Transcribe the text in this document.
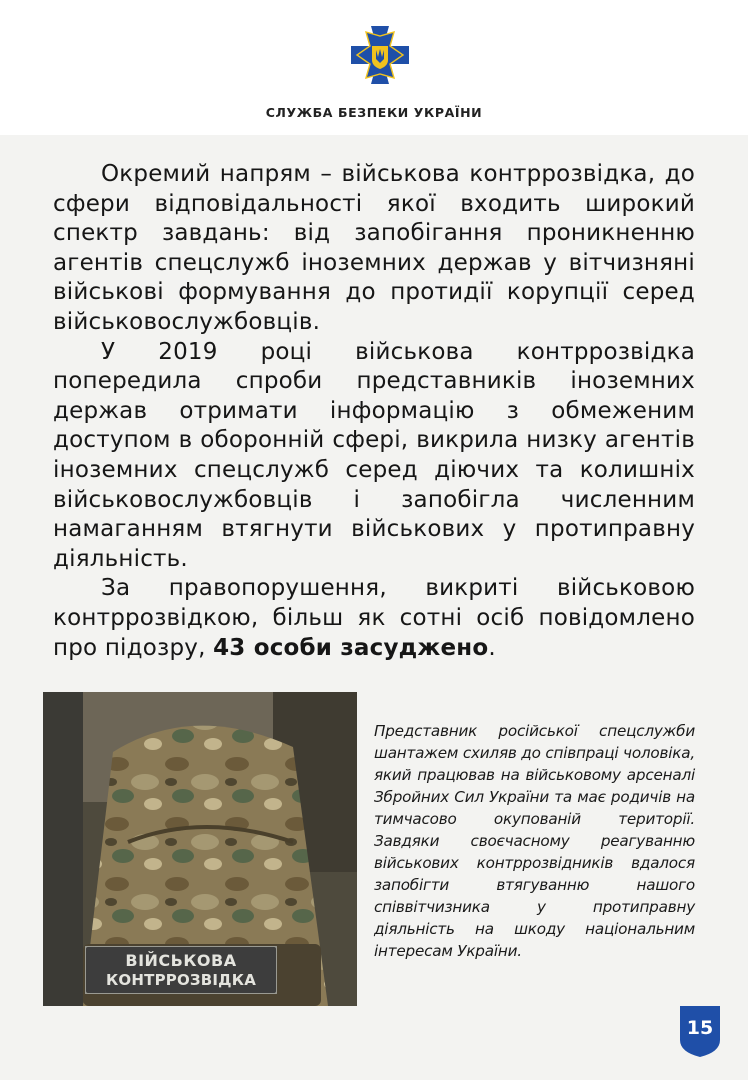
СЛУЖБА БЕЗПЕКИ УКРАЇНИ

Окремий напрям – військова контррозвідка, до сфери відповідальності якої входить широкий спектр завдань: від запобігання проникненню агентів спецслужб іноземних держав у вітчизняні військові формування до протидії корупції серед військовослужбовців.

У 2019 році військова контррозвідка попередила спроби представників іноземних держав отримати інформацію з обмеженим доступом в оборонній сфері, викрила низку агентів іноземних спецслужб серед діючих та колишніх військовослужбовців і запобігла численним намаганням втягнути військових у протиправну діяльність.

За правопорушення, викриті військовою контррозвідкою, більш як сотні осіб повідомлено про підозру, 43 особи засуджено.

ВІЙСЬКОВА
КОНТРРОЗВІДКА
Представник російської спецслужби шантажем схиляв до співпраці чоловіка, який працював на військовому арсеналі Збройних Сил України та має родичів на тимчасово окупованій території. Завдяки своєчасному реагуванню військових контррозвідників вдалося запобігти втягуванню нашого співвітчизника у протиправну діяльність на шкоду національним інтересам України.
15
